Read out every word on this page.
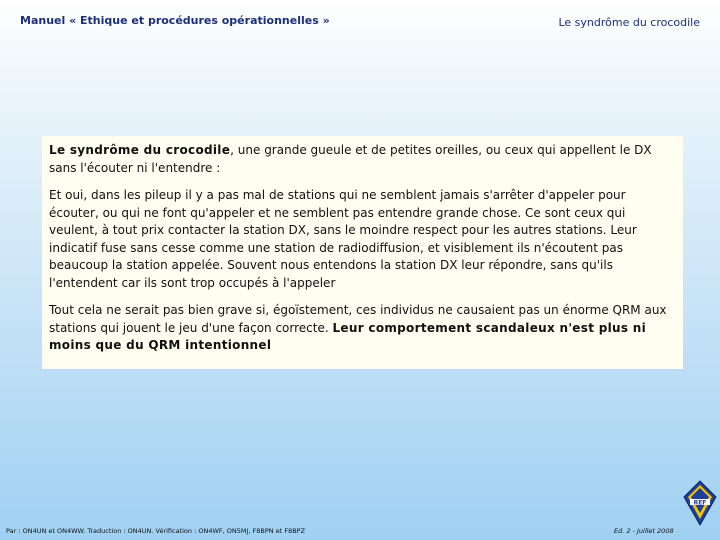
Manuel « Ethique et procédures opérationnelles »	Le syndrôme du crocodile

Le syndrôme du crocodile, une grande gueule et de petites oreilles, ou ceux qui appellent le DX sans l'écouter ni l'entendre :

Et oui, dans les pileup il y a pas mal de stations qui ne semblent jamais s'arrêter d'appeler pour écouter, ou qui ne font qu'appeler et ne semblent pas entendre grande chose. Ce sont ceux qui veulent, à tout prix contacter la station DX, sans le moindre respect pour les autres stations. Leur indicatif fuse sans cesse comme une station de radiodiffusion, et visiblement ils n'écoutent pas beaucoup la station appelée. Souvent nous entendons la station DX leur répondre, sans qu'ils l'entendent car ils sont trop occupés à l'appeler

Tout cela ne serait pas bien grave si, égoïstement, ces individus ne causaient pas un énorme QRM aux stations qui jouent le jeu d'une façon correcte. Leur comportement scandaleux n'est plus ni moins que du QRM intentionnel

Par : ON4UN et ON4WW. Traduction : ON4UN. Vérification : ON4WF, ON5MJ, F8BPN et F8BPZ	Ed. 2 - Juillet 2008
REF
